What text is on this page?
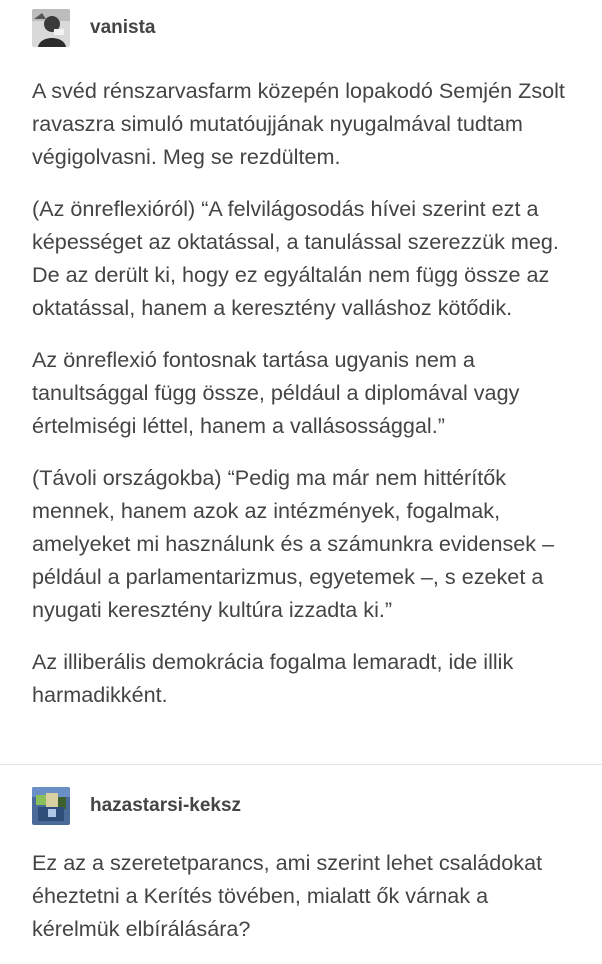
vanista

A svéd rénszarvasfarm közepén lopakodó Semjén Zsolt ravaszra simuló mutatóujjának nyugalmával tudtam végigolvasni. Meg se rezdültem.

(Az önreflexióról) “A felvilágosodás hívei szerint ezt a képességet az oktatással, a tanulással szerezzük meg. De az derült ki, hogy ez egyáltalán nem függ össze az oktatással, hanem a keresztény valláshoz kötődik.

Az önreflexió fontosnak tartása ugyanis nem a tanultsággal függ össze, például a diplomával vagy értelmiségi léttel, hanem a vallásossággal.”

(Távoli országokba) “Pedig ma már nem hittérítők mennek, hanem azok az intézmények, fogalmak, amelyeket mi használunk és a számunkra evidensek – például a parlamentarizmus, egyetemek –, s ezeket a nyugati keresztény kultúra izzadta ki.”

Az illiberális demokrácia fogalma lemaradt, ide illik harmadikként.

hazastarsi-keksz

Ez az a szeretetparancs, ami szerint lehet családokat éheztetni a Kerítés tövében, mialatt ők várnak a kérelmük elbírálására?
